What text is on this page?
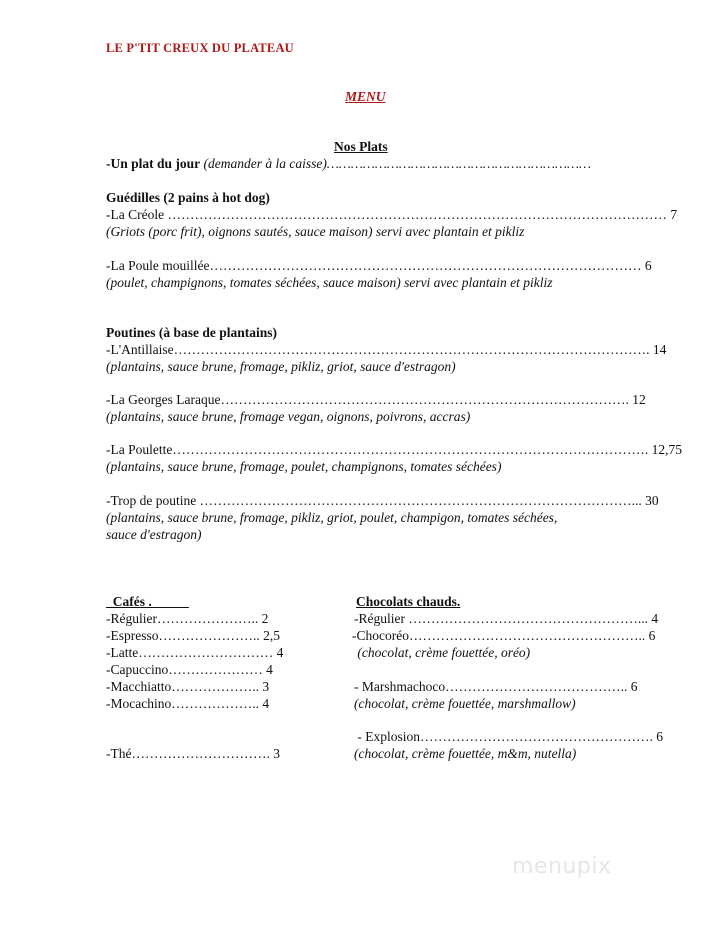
LE P'TIT CREUX DU PLATEAU
MENU
Nos Plats
-Un plat du jour (demander à la caisse)…………………………………………………………
Guédilles (2 pains à hot dog)
-La Créole ………………………………………………………………………………………………… 7
(Griots (porc frit), oignons sautés, sauce maison) servi avec plantain et pikliz
-La Poule mouillée…………………………………………………………………………………… 6
(poulet, champignons, tomates séchées, sauce maison) servi avec plantain et pikliz
Poutines (à base de plantains)
-L'Antillaise……………………………………………………………………………………………. 14
(plantains, sauce brune, fromage, pikliz, griot, sauce d'estragon)
-La Georges Laraque………………………………………………………………………………. 12
(plantains, sauce brune, fromage vegan, oignons, poivrons, accras)
-La Poulette……………………………………………………………………………………………. 12,75
(plantains, sauce brune, fromage, poulet, champignons, tomates séchées)
-Trop de poutine ……………………………………………………………………………………... 30
(plantains, sauce brune, fromage, pikliz, griot, poulet, champigon, tomates séchées,
sauce d'estragon)
Cafés .
-Régulier………………….. 2
-Espresso………………….. 2,5
-Latte………………………… 4
-Capuccino………………… 4
-Macchiatto……………….. 3
-Mocachino……………….. 4
-Thé…………………………. 3
Chocolats chauds.
-Régulier ……………………………………………... 4
-Chocoréo…………………………………………….. 6
(chocolat, crème fouettée, oréo)
- Marshmachoco………………………………….. 6
(chocolat, crème fouettée, marshmallow)
- Explosion……………………………………………. 6
(chocolat, crème fouettée, m&m, nutella)
menupix
